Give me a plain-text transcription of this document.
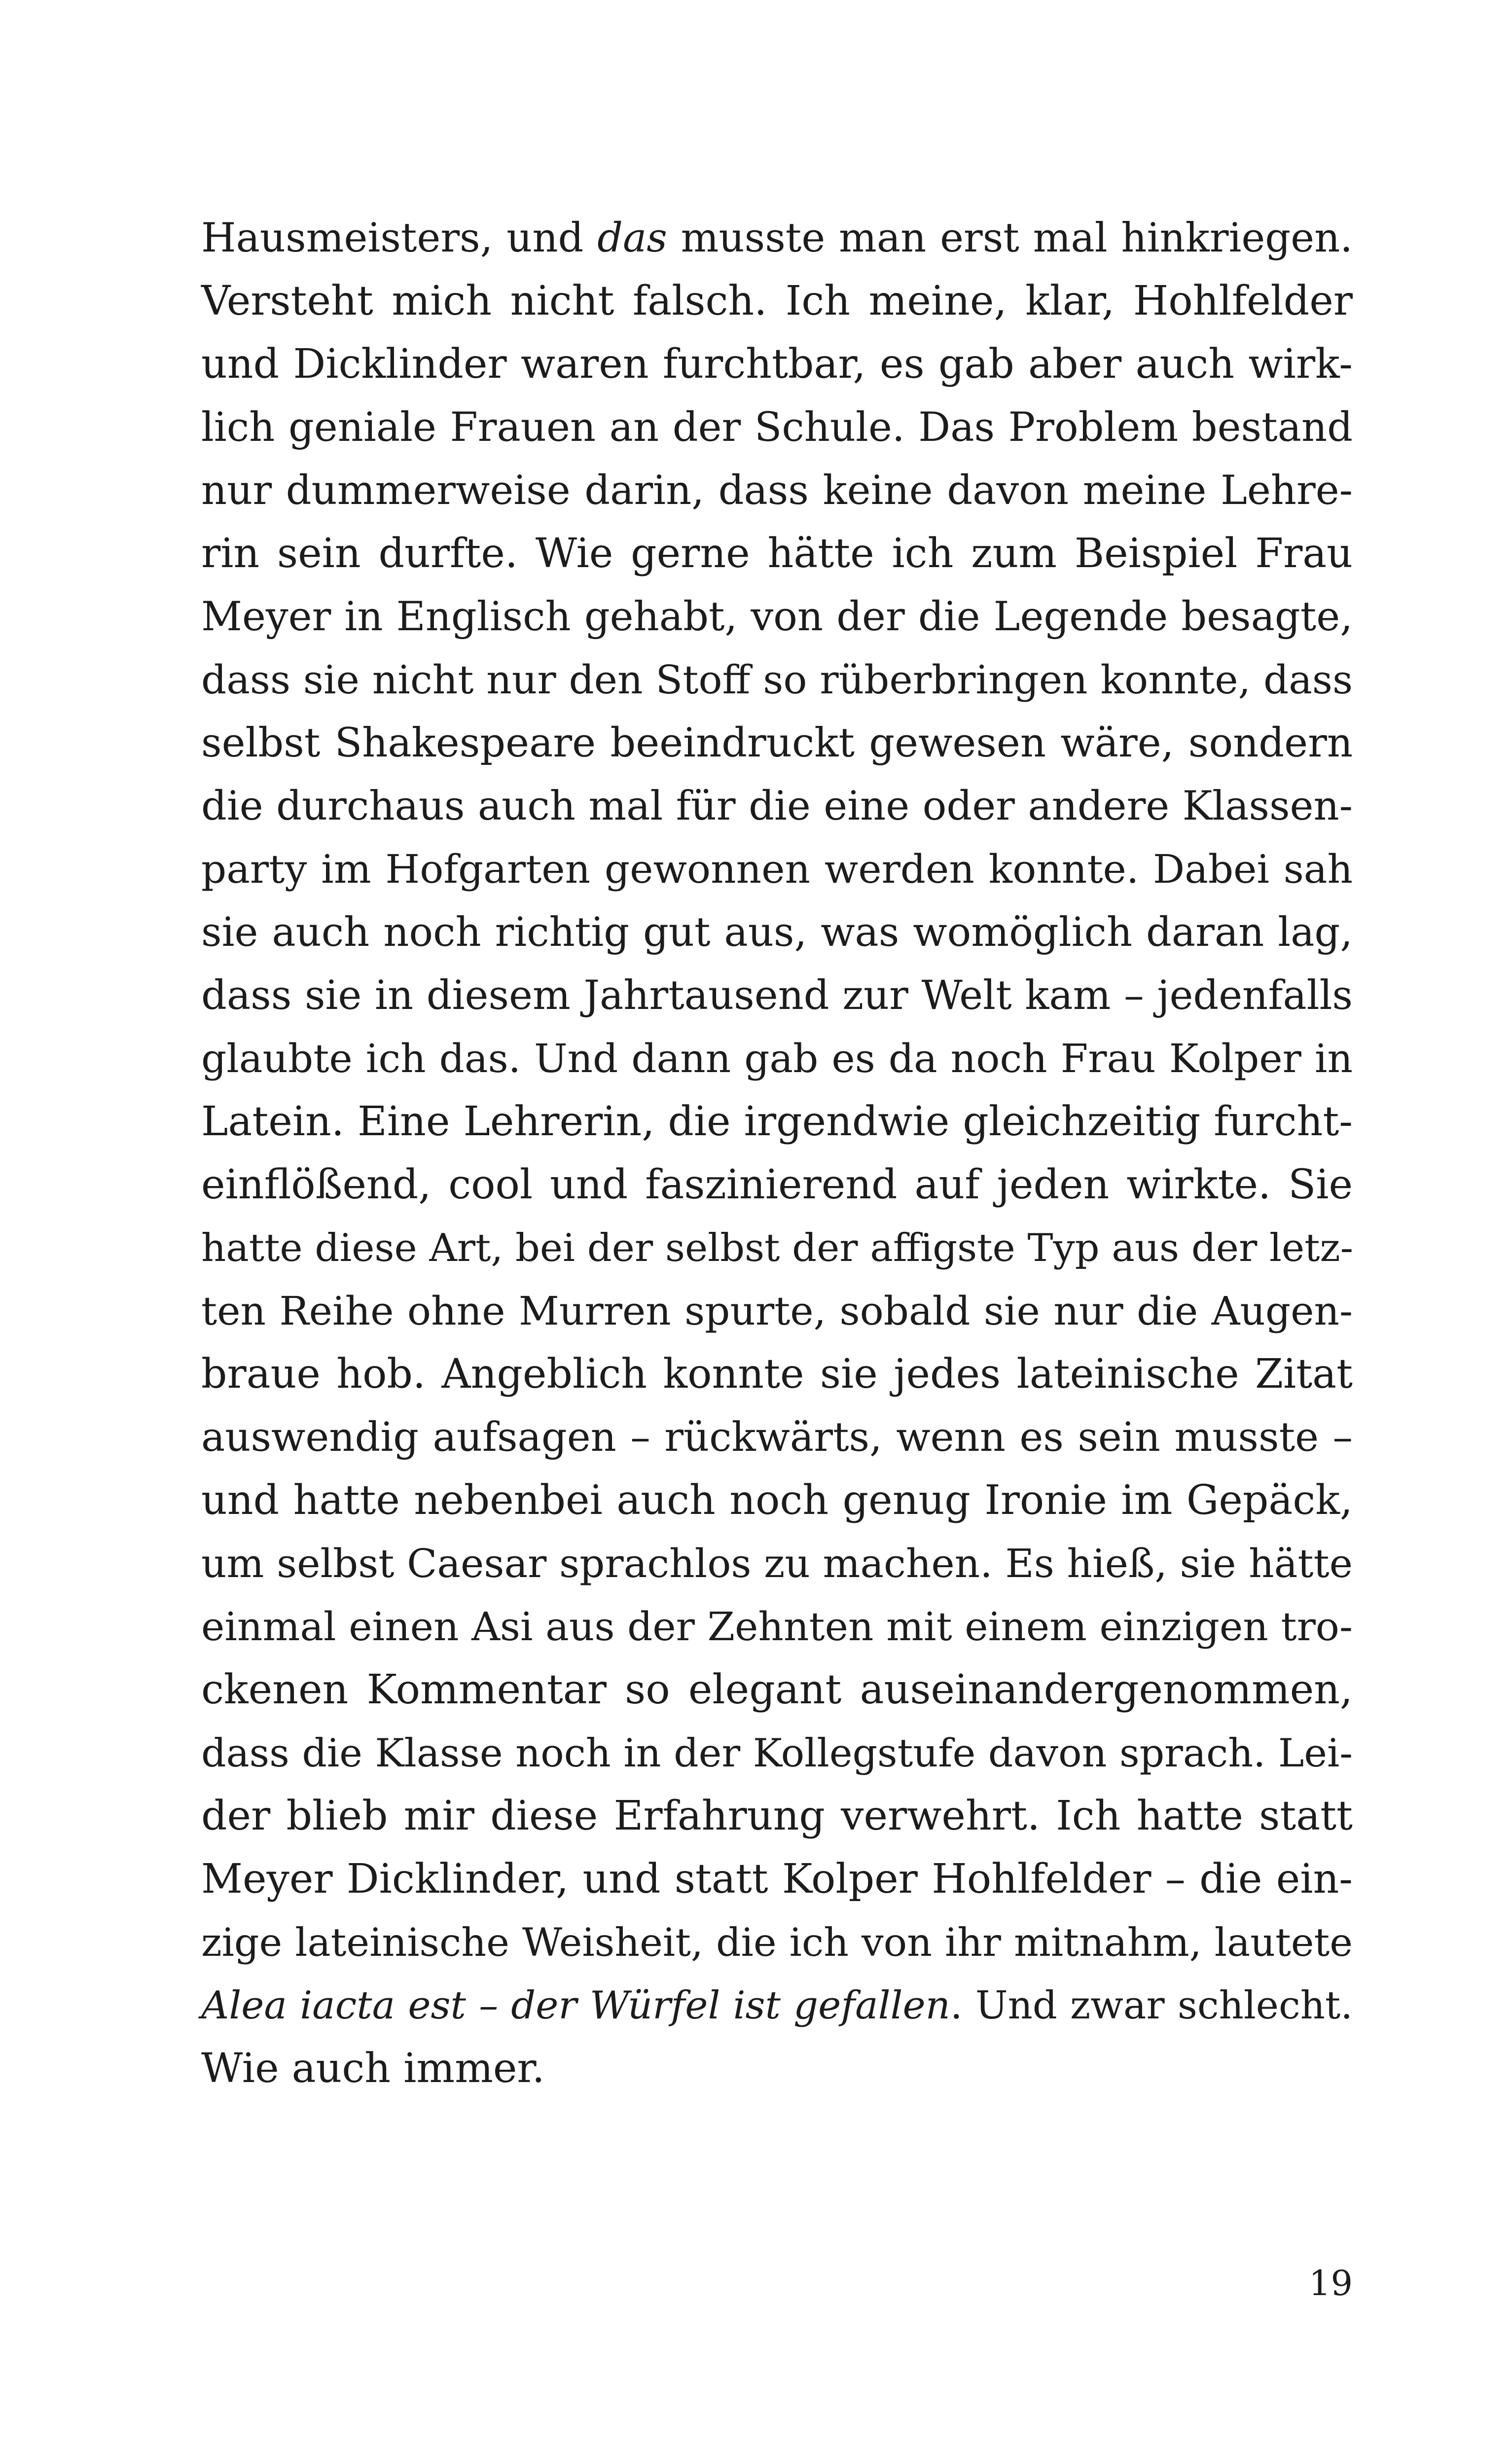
Hausmeisters, und das musste man erst mal hinkriegen.
Versteht mich nicht falsch. Ich meine, klar, Hohlfelder
und Dicklinder waren furchtbar, es gab aber auch wirk-
lich geniale Frauen an der Schule. Das Problem bestand
nur dummerweise darin, dass keine davon meine Lehre-
rin sein durfte. Wie gerne hätte ich zum Beispiel Frau
Meyer in Englisch gehabt, von der die Legende besagte,
dass sie nicht nur den Stoff so rüberbringen konnte, dass
selbst Shakespeare beeindruckt gewesen wäre, sondern
die durchaus auch mal für die eine oder andere Klassen-
party im Hofgarten gewonnen werden konnte. Dabei sah
sie auch noch richtig gut aus, was womöglich daran lag,
dass sie in diesem Jahrtausend zur Welt kam – jedenfalls
glaubte ich das. Und dann gab es da noch Frau Kolper in
Latein. Eine Lehrerin, die irgendwie gleichzeitig furcht-
einflößend, cool und faszinierend auf jeden wirkte. Sie
hatte diese Art, bei der selbst der affigste Typ aus der letz-
ten Reihe ohne Murren spurte, sobald sie nur die Augen-
braue hob. Angeblich konnte sie jedes lateinische Zitat
auswendig aufsagen – rückwärts, wenn es sein musste –
und hatte nebenbei auch noch genug Ironie im Gepäck,
um selbst Caesar sprachlos zu machen. Es hieß, sie hätte
einmal einen Asi aus der Zehnten mit einem einzigen tro-
ckenen Kommentar so elegant auseinandergenommen,
dass die Klasse noch in der Kollegstufe davon sprach. Lei-
der blieb mir diese Erfahrung verwehrt. Ich hatte statt
Meyer Dicklinder, und statt Kolper Hohlfelder – die ein-
zige lateinische Weisheit, die ich von ihr mitnahm, lautete
Alea iacta est – der Würfel ist gefallen. Und zwar schlecht.
Wie auch immer.
19
